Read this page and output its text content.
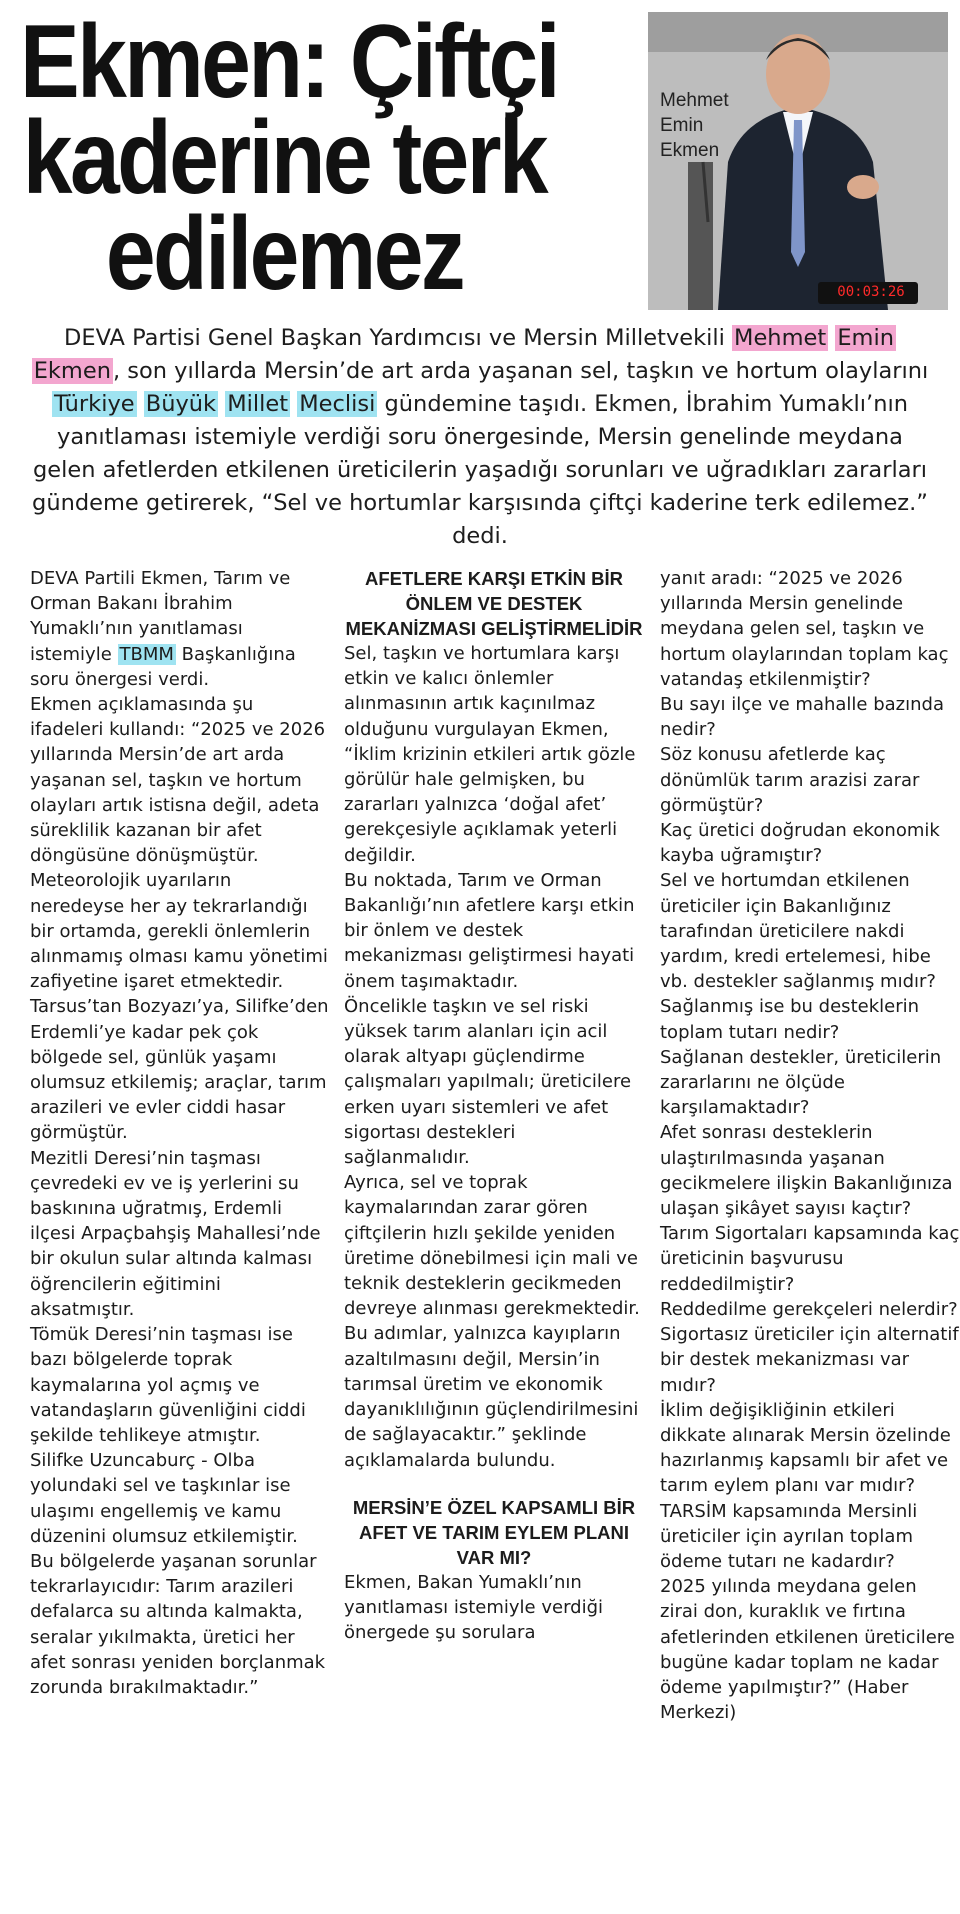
Ekmen: Çiftçi
kaderine terk
edilemez	00:03:26
Mehmet
Emin
Ekmen
DEVA Partisi Genel Başkan Yardımcısı ve Mersin Milletvekili Mehmet Emin Ekmen, son yıllarda Mersin’de art arda yaşanan sel, taşkın ve hortum olaylarını Türkiye Büyük Millet Meclisi gündemine taşıdı. Ekmen, İbrahim Yumaklı’nın yanıtlaması istemiyle verdiği soru önergesinde, Mersin genelinde meydana gelen afetlerden etkilenen üreticilerin yaşadığı sorunları ve uğradıkları zararları gündeme getirerek, “Sel ve hortumlar karşısında çiftçi kaderine terk edilemez.” dedi.

DEVA Partili Ekmen, Tarım ve Orman Bakanı İbrahim Yumaklı’nın yanıtlaması istemiyle TBMM Başkanlığına soru önergesi verdi.

Ekmen açıklamasında şu ifadeleri kullandı: “2025 ve 2026 yıllarında Mersin’de art arda yaşanan sel, taşkın ve hortum olayları artık istisna değil, adeta süreklilik kazanan bir afet döngüsüne dönüşmüştür.

Meteorolojik uyarıların neredeyse her ay tekrarlandığı bir ortamda, gerekli önlemlerin alınmamış olması kamu yönetimi zafiyetine işaret etmektedir.

Tarsus’tan Bozyazı’ya, Silifke’den Erdemli’ye kadar pek çok bölgede sel, günlük yaşamı olumsuz etkilemiş; araçlar, tarım arazileri ve evler ciddi hasar görmüştür.

Mezitli Deresi’nin taşması çevredeki ev ve iş yerlerini su baskınına uğratmış, Erdemli ilçesi Arpaçbahşiş Mahallesi’nde bir okulun sular altında kalması öğrencilerin eğitimini aksatmıştır.

Tömük Deresi’nin taşması ise bazı bölgelerde toprak kaymalarına yol açmış ve vatandaşların güvenliğini ciddi şekilde tehlikeye atmıştır.

Silifke Uzuncaburç - Olba yolundaki sel ve taşkınlar ise ulaşımı engellemiş ve kamu düzenini olumsuz etkilemiştir.

Bu bölgelerde yaşanan sorunlar tekrarlayıcıdır: Tarım arazileri defalarca su altında kalmakta, seralar yıkılmakta, üretici her afet sonrası yeniden borçlanmak zorunda bırakılmaktadır.”

AFETLERE KARŞI ETKİN BİR ÖNLEM VE DESTEK MEKANİZMASI GELİŞTİRMELİDİR

Sel, taşkın ve hortumlara karşı etkin ve kalıcı önlemler alınmasının artık kaçınılmaz olduğunu vurgulayan Ekmen, “İklim krizinin etkileri artık gözle görülür hale gelmişken, bu zararları yalnızca ‘doğal afet’ gerekçesiyle açıklamak yeterli değildir.

Bu noktada, Tarım ve Orman Bakanlığı’nın afetlere karşı etkin bir önlem ve destek mekanizması geliştirmesi hayati önem taşımaktadır.

Öncelikle taşkın ve sel riski yüksek tarım alanları için acil olarak altyapı güçlendirme çalışmaları yapılmalı; üreticilere erken uyarı sistemleri ve afet sigortası destekleri sağlanmalıdır.

Ayrıca, sel ve toprak kaymalarından zarar gören çiftçilerin hızlı şekilde yeniden üretime dönebilmesi için mali ve teknik desteklerin gecikmeden devreye alınması gerekmektedir. Bu adımlar, yalnızca kayıpların azaltılmasını değil, Mersin’in tarımsal üretim ve ekonomik dayanıklılığının güçlendirilmesini de sağlayacaktır.” şeklinde açıklamalarda bulundu.

MERSİN’E ÖZEL KAPSAMLI BİR AFET VE TARIM EYLEM PLANI VAR MI?

Ekmen, Bakan Yumaklı’nın yanıtlaması istemiyle verdiği önergede şu sorulara

yanıt aradı: “2025 ve 2026 yıllarında Mersin genelinde meydana gelen sel, taşkın ve hortum olaylarından toplam kaç vatandaş etkilenmiştir?

Bu sayı ilçe ve mahalle bazında nedir?

Söz konusu afetlerde kaç dönümlük tarım arazisi zarar görmüştür?

Kaç üretici doğrudan ekonomik kayba uğramıştır?

Sel ve hortumdan etkilenen üreticiler için Bakanlığınız tarafından üreticilere nakdi yardım, kredi ertelemesi, hibe vb. destekler sağlanmış mıdır?

Sağlanmış ise bu desteklerin toplam tutarı nedir?

Sağlanan destekler, üreticilerin zararlarını ne ölçüde karşılamaktadır?

Afet sonrası desteklerin ulaştırılmasında yaşanan gecikmelere ilişkin Bakanlığınıza ulaşan şikâyet sayısı kaçtır?

Tarım Sigortaları kapsamında kaç üreticinin başvurusu reddedilmiştir?

Reddedilme gerekçeleri nelerdir?

Sigortasız üreticiler için alternatif bir destek mekanizması var mıdır?

İklim değişikliğinin etkileri dikkate alınarak Mersin özelinde hazırlanmış kapsamlı bir afet ve tarım eylem planı var mıdır?

TARSİM kapsamında Mersinli üreticiler için ayrılan toplam ödeme tutarı ne kadardır?

2025 yılında meydana gelen zirai don, kuraklık ve fırtına afetlerinden etkilenen üreticilere bugüne kadar toplam ne kadar ödeme yapılmıştır?” (Haber Merkezi)
